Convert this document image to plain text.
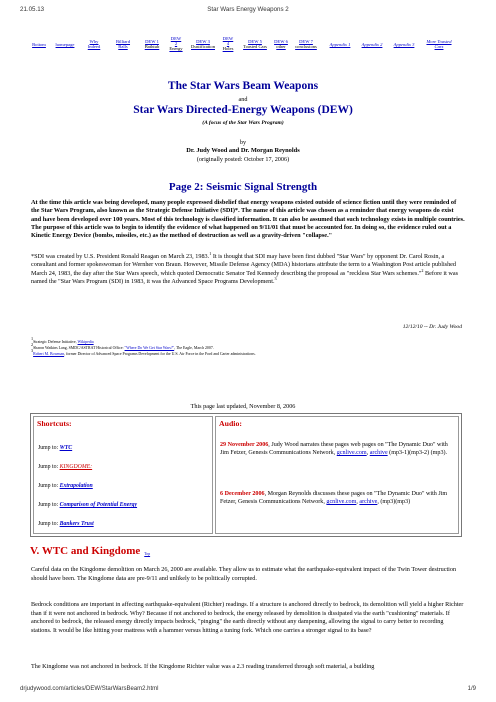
21.05.13	Star Wars Energy Weapons 2
Bottom	homepage
Why
Indeed
Billiard
Balls
DEW 1
Bathtub
DEW
2
Energy
DEW 3
Dustification
DEW
4
Holes
DEW 5
Toasted Cars
DEW 6
other
DEW 7
conclusions	Appendix 1	Appendix 2	Appendix 3
More Toasted
Cars
The Star Wars Beam Weapons
and
Star Wars Directed-Energy Weapons (DEW)
(A focus of the Star Wars Program)
by
Dr. Judy Wood and Dr. Morgan Reynolds
(originally posted: October 17, 2006)
Page 2: Seismic Signal Strength
At the time this article was being developed, many people expressed disbelief that energy weapons existed outside of science fiction until they were reminded of the Star Wars Program, also known as the Strategic Defense Initiative (SDI)*. The name of this article was chosen as a reminder that energy weapons do exist and have been developed over 100 years. Most of this technology is classified information. It can also be assumed that such technology exists in multiple countries. The purpose of this article was to begin to identify the evidence of what happened on 9/11/01 that must be accounted for. In doing so, the evidence ruled out a Kinetic Energy Device (bombs, missiles, etc.) as the method of destruction as well as a gravity-driven "collapse."
*SDI was created by U.S. President Ronald Reagan on March 23, 1983.$^1$ It is thought that SDI may have been first dubbed "Star Wars" by opponent Dr. Carol Rosin, a consultant and former spokeswoman for Wernher von Braun. However, Missile Defense Agency (MDA) historians attribute the term to a Washington Post article published March 24, 1983, the day after the Star Wars speech, which quoted Democratic Senator Ted Kennedy describing the proposal as "reckless Star Wars schemes."$^2$ Before it was named the "Star Wars Program (SDI) in 1983, it was the Advanced Space Programs Development.$^3$
12/12/10 -- Dr. Judy Wood
$^1$Strategic Defense Initiative, Wikipedia
$^2$Sharon Watkins Lang, SMDC/ASTRAT Historical Office: "Where Do We Get Star Wars?", The Eagle, March 2007.
$^3$Robert M. Bowman, former Director of Advanced Space Programs Development for the U.S. Air Force in the Ford and Carter administrations.
This page last updated, November 8, 2006
Shortcuts:
Jump to: WTC
Jump to: KINGDOME:
Jump to: Extrapolation
Jump to: Comparison of Potential Energy
Jump to: Bankers Trust
Audio:
29 November 2006, Judy Wood narrates these pages web pages on "The Dynamic Duo" with Jim Fetzer, Genesis Communications Network, gcnlive.com, archive (mp3-1)(mp3-2) (mp3).
6 December 2006, Morgan Reynolds discusses these pages on "The Dynamic Duo" with Jim Fetzer, Genesis Communications Network, gcnlive.com, archive, (mp3)(mp3)
V. WTC and Kingdome Top
Careful data on the Kingdome demolition on March 26, 2000 are available. They allow us to estimate what the earthquake-equivalent impact of the Twin Tower destruction should have been. The Kingdome data are pre-9/11 and unlikely to be politically corrupted.
Bedrock conditions are important in affecting earthquake-equivalent (Richter) readings. If a structure is anchored directly to bedrock, its demolition will yield a higher Richter than if it were not anchored in bedrock. Why? Because if not anchored to bedrock, the energy released by demolition is dissipated via the earth "cushioning" materials. If anchored to bedrock, the released energy directly impacts bedrock, "pinging" the earth directly without any dampening, allowing the signal to carry better to recording stations. It would be like hitting your mattress with a hammer versus hitting a tuning fork. Which one carries a stronger signal to its base?
The Kingdome was not anchored in bedrock. If the Kingdome Richter value was a 2.3 reading transferred through soft material, a building
drjudywood.com/articles/DEW/StarWarsBeam2.html	1/9
